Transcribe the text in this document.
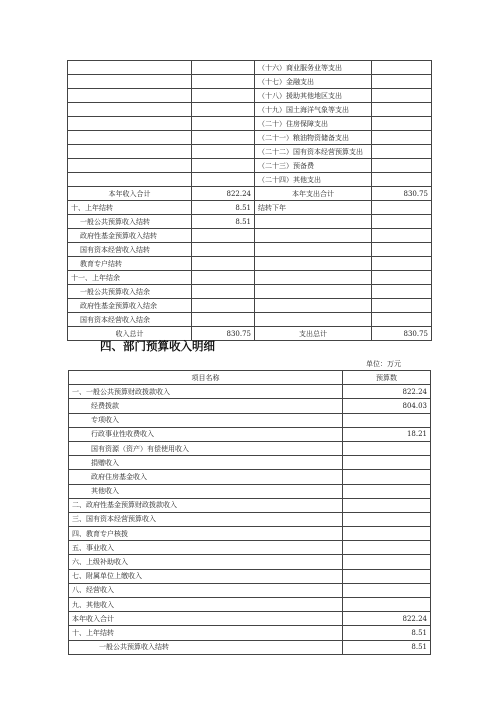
		（十六）商业服务业等支出	
		（十七）金融支出	
		（十八）援助其他地区支出	
		（十九）国土海洋气象等支出	
		（二十）住房保障支出	
		（二十一）粮油物资储备支出	
		（二十二）国有资本经营预算支出	
		（二十三）预备费	
		（二十四）其他支出	
本年收入合计	822.24	本年支出合计	830.75
十、上年结转	8.51	结转下年	
一般公共预算收入结转	8.51		
政府性基金预算收入结转			
国有资本经营收入结转			
教育专户结转			
十一、上年结余			
一般公共预算收入结余			
政府性基金预算收入结余			
国有资本经营收入结余			
收入总计	830.75	支出总计	830.75
四、部门预算收入明细
单位：万元
项目名称	预算数
一、一般公共预算财政拨款收入	822.24
经费拨款	804.03
专项收入	
行政事业性收费收入	18.21
国有资源（资产）有偿使用收入	
捐赠收入	
政府住房基金收入	
其他收入	
二、政府性基金预算财政拨款收入	
三、国有资本经营预算收入	
四、教育专户核拨	
五、事业收入	
六、上级补助收入	
七、附属单位上缴收入	
八、经营收入	
九、其他收入	
本年收入合计	822.24
十、上年结转	8.51
一般公共预算收入结转	8.51
